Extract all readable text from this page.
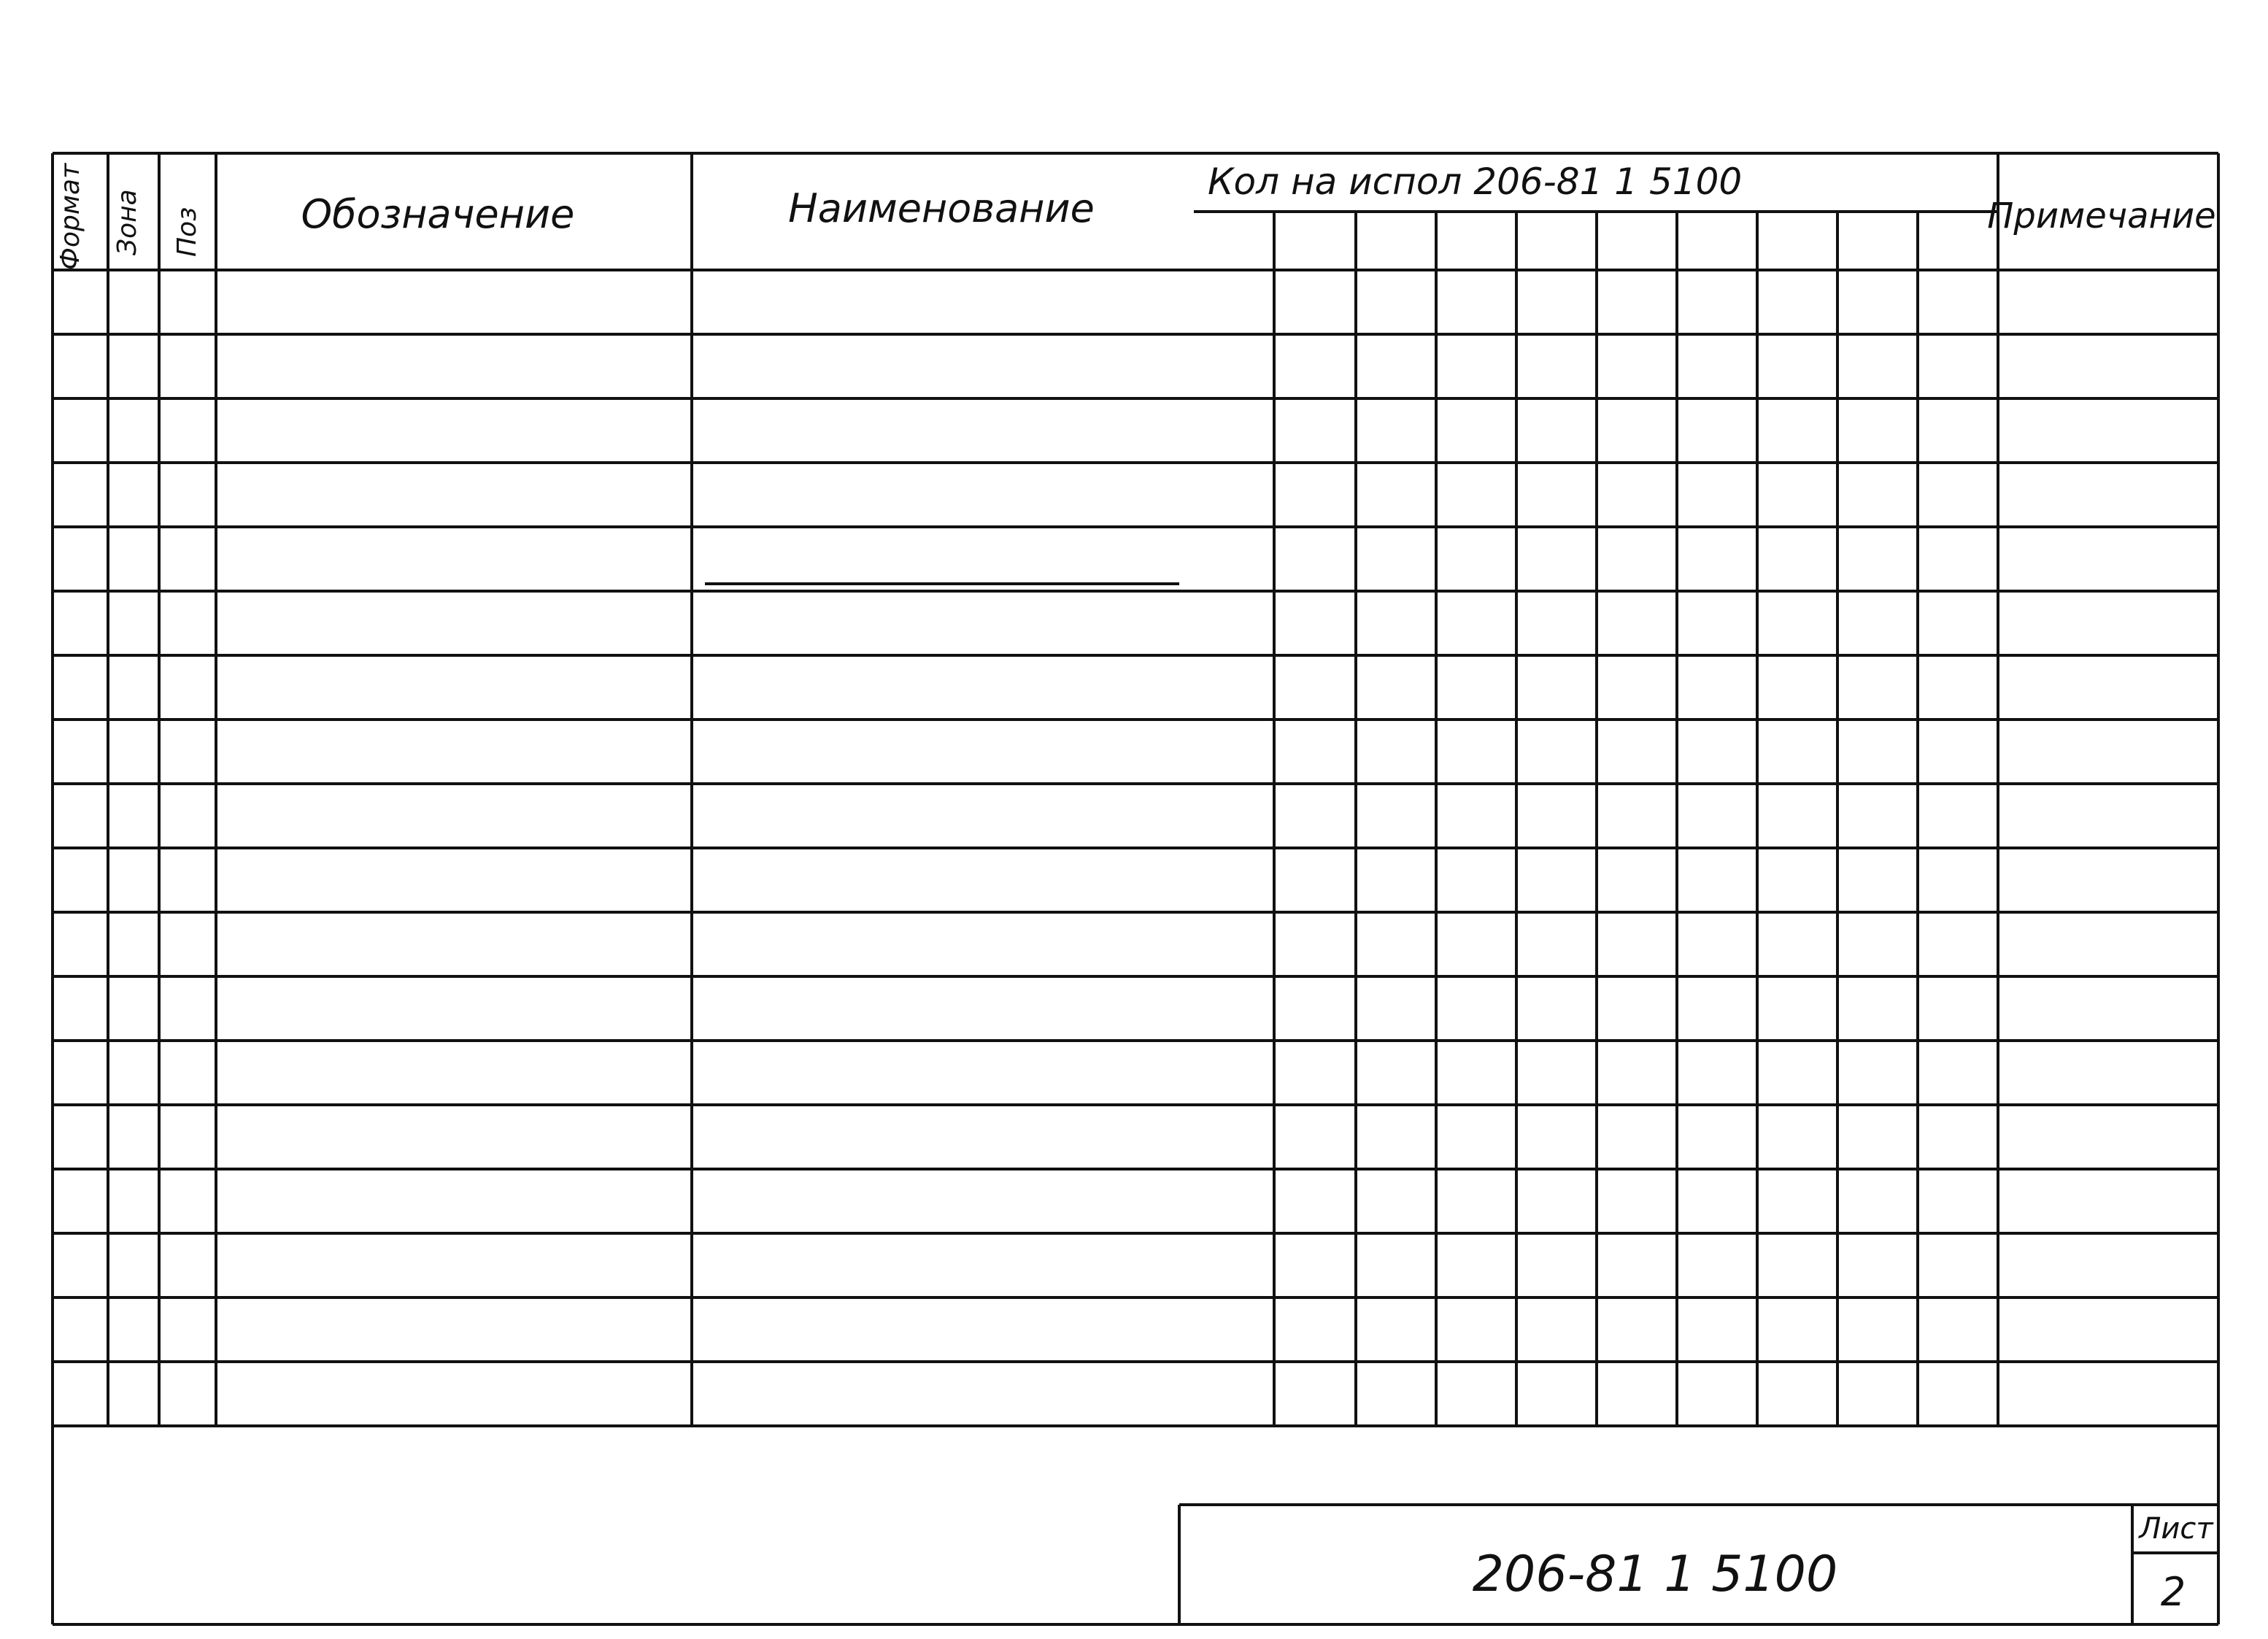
Формат Зона Поз	Обозначение	Наименование
Кол на испол 206-81 1 5100
Примечание
206-81 1 5100
Лист
2
